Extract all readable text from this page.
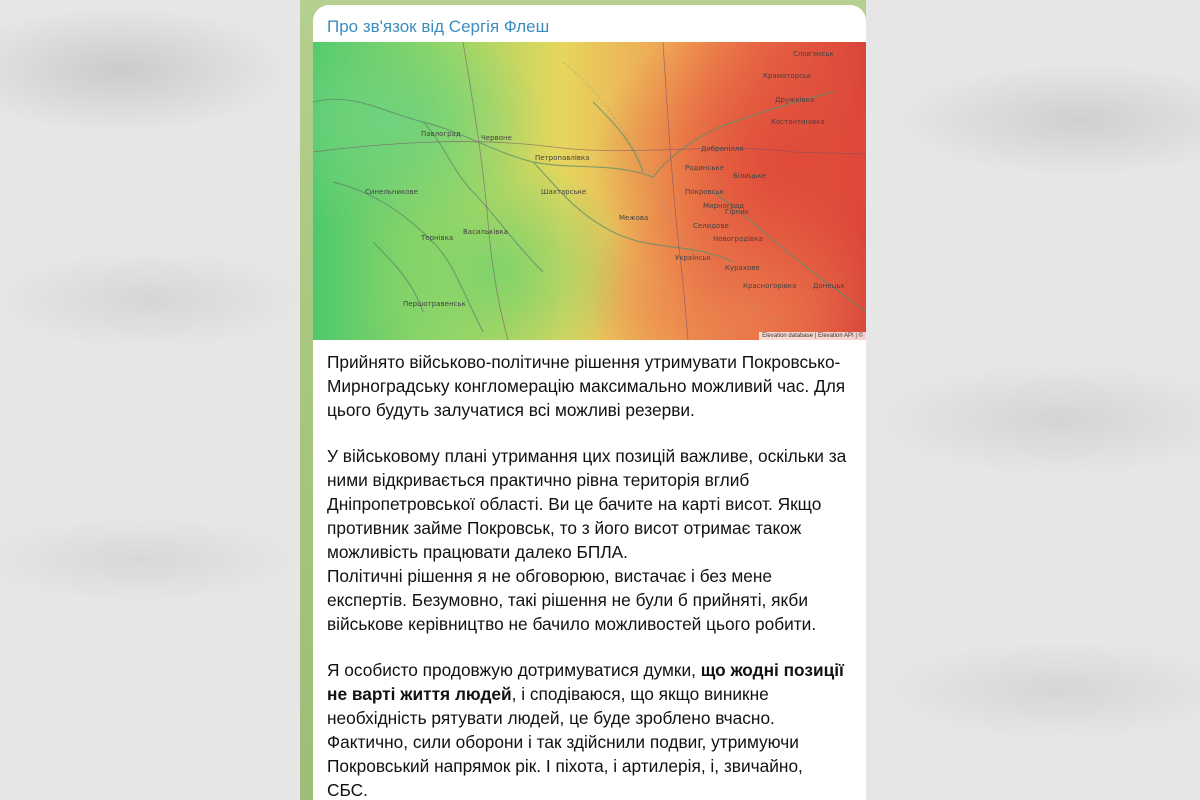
Про зв'язок від Сергія Флеш
Павлоград	Червоне
Петропавлівка
Шахтарське
Межова
Покровськ
Мирноград
Добропілля
Селидове
Новогродівка
Костянтинівка
Краматорськ
Дружківка
Гірник
Курахове
Донецьк
Васильківка
Синельникове
Першотравенськ
Тернівка
Українськ
Родинське
Білицьке
Красногорівка
Слов'янськ
Elevation database | Elevation API | ©

Прийнято військово-політичне рішення утримувати Покровсько-Мирноградську конгломерацію максимально можливий час. Для цього будуть залучатися всі можливі резерви.

У військовому плані утримання цих позицій важливе, оскільки за ними відкривається практично рівна територія вглиб Дніпропетровської області. Ви це бачите на карті висот. Якщо противник займе Покровськ, то з його висот отримає також можливість працювати далеко БПЛА.

Політичні рішення я не обговорюю, вистачає і без мене експертів. Безумовно, такі рішення не були б прийняті, якби військове керівництво не бачило можливостей цього робити.

Я особисто продовжую дотримуватися думки, що жодні позиції не варті життя людей, і сподіваюся, що якщо виникне необхідність рятувати людей, це буде зроблено вчасно.

Фактично, сили оборони і так здійснили подвиг, утримуючи Покровський напрямок рік. І піхота, і артилерія, і, звичайно, СБС.
